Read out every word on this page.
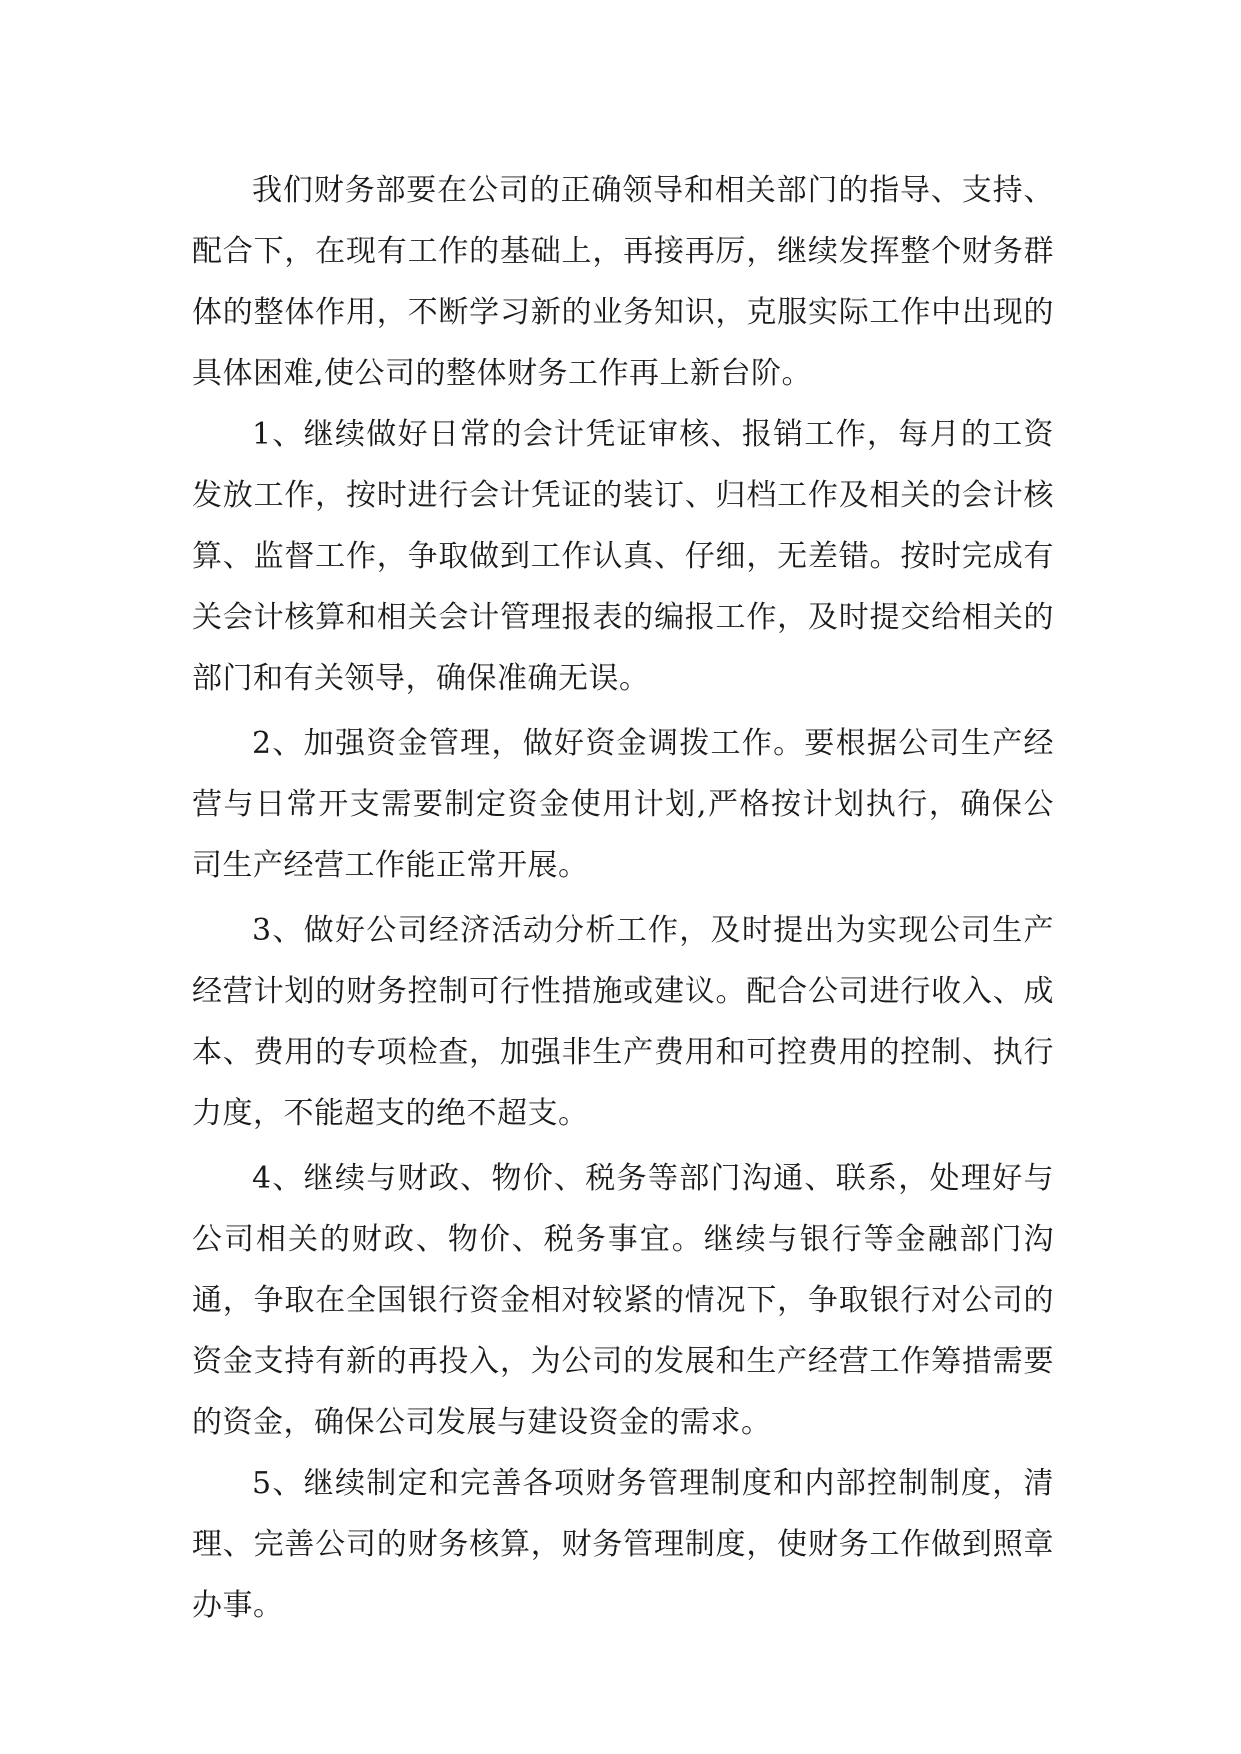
我们财务部要在公司的正确领导和相关部门的指导、支持、配合下，在现有工作的基础上，再接再厉，继续发挥整个财务群体的整体作用，不断学习新的业务知识，克服实际工作中出现的具体困难,使公司的整体财务工作再上新台阶。

1、继续做好日常的会计凭证审核、报销工作，每月的工资发放工作，按时进行会计凭证的装订、归档工作及相关的会计核算、监督工作，争取做到工作认真、仔细，无差错。按时完成有关会计核算和相关会计管理报表的编报工作，及时提交给相关的部门和有关领导，确保准确无误。

2、加强资金管理，做好资金调拨工作。要根据公司生产经营与日常开支需要制定资金使用计划,严格按计划执行，确保公司生产经营工作能正常开展。

3、做好公司经济活动分析工作，及时提出为实现公司生产经营计划的财务控制可行性措施或建议。配合公司进行收入、成本、费用的专项检查，加强非生产费用和可控费用的控制、执行力度，不能超支的绝不超支。

4、继续与财政、物价、税务等部门沟通、联系，处理好与公司相关的财政、物价、税务事宜。继续与银行等金融部门沟通，争取在全国银行资金相对较紧的情况下，争取银行对公司的资金支持有新的再投入，为公司的发展和生产经营工作筹措需要的资金，确保公司发展与建设资金的需求。

5、继续制定和完善各项财务管理制度和内部控制制度，清理、完善公司的财务核算，财务管理制度，使财务工作做到照章办事。
